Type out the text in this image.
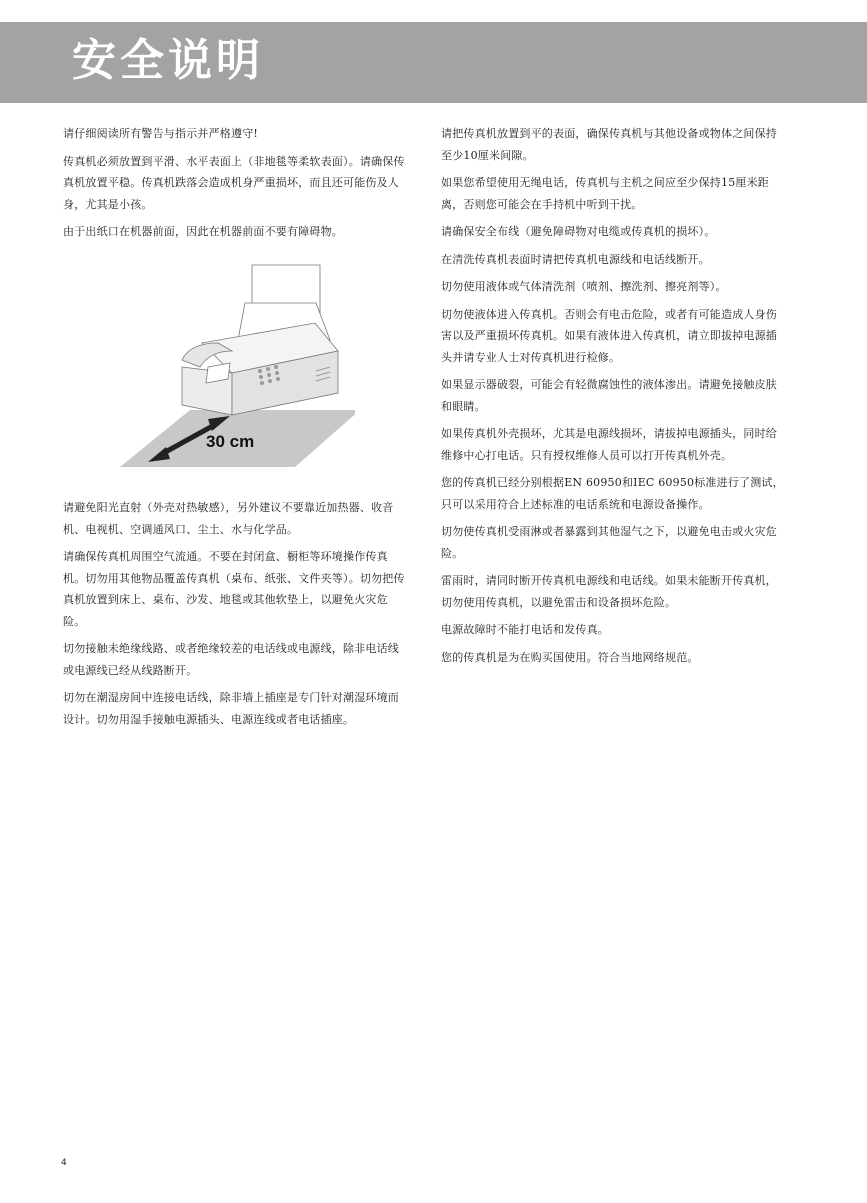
安全说明

请仔细阅读所有警告与指示并严格遵守!

传真机必须放置到平滑、水平表面上（非地毯等柔软表面）。请确保传真机放置平稳。传真机跌落会造成机身严重损坏，而且还可能伤及人身，尤其是小孩。

由于出纸口在机器前面，因此在机器前面不要有障碍物。

30 cm

请避免阳光直射（外壳对热敏感），另外建议不要靠近加热器、收音机、电视机、空调通风口、尘土、水与化学品。

请确保传真机周围空气流通。不要在封闭盒、橱柜等环境操作传真机。切勿用其他物品覆盖传真机（桌布、纸张、文件夹等）。切勿把传真机放置到床上、桌布、沙发、地毯或其他软垫上，以避免火灾危险。

切勿接触未绝缘线路、或者绝缘较差的电话线或电源线，除非电话线或电源线已经从线路断开。

切勿在潮湿房间中连接电话线，除非墙上插座是专门针对潮湿环境而设计。切勿用湿手接触电源插头、电源连线或者电话插座。

请把传真机放置到平的表面，确保传真机与其他设备或物体之间保持至少10厘米间隙。

如果您希望使用无绳电话，传真机与主机之间应至少保持15厘米距离，否则您可能会在手持机中听到干扰。

请确保安全布线（避免障碍物对电缆或传真机的损坏）。

在清洗传真机表面时请把传真机电源线和电话线断开。

切勿使用液体或气体清洗剂（喷剂、擦洗剂、擦亮剂等）。

切勿使液体进入传真机。否则会有电击危险，或者有可能造成人身伤害以及严重损坏传真机。如果有液体进入传真机，请立即拔掉电源插头并请专业人士对传真机进行检修。

如果显示器破裂，可能会有轻微腐蚀性的液体渗出。请避免接触皮肤和眼睛。

如果传真机外壳损坏，尤其是电源线损坏，请拔掉电源插头，同时给维修中心打电话。只有授权维修人员可以打开传真机外壳。

您的传真机已经分别根据EN 60950和IEC 60950标准进行了测试，只可以采用符合上述标准的电话系统和电源设备操作。

切勿使传真机受雨淋或者暴露到其他湿气之下，以避免电击或火灾危险。

雷雨时，请同时断开传真机电源线和电话线。如果未能断开传真机，切勿使用传真机，以避免雷击和设备损坏危险。

电源故障时不能打电话和发传真。

您的传真机是为在购买国使用。符合当地网络规范。

4
